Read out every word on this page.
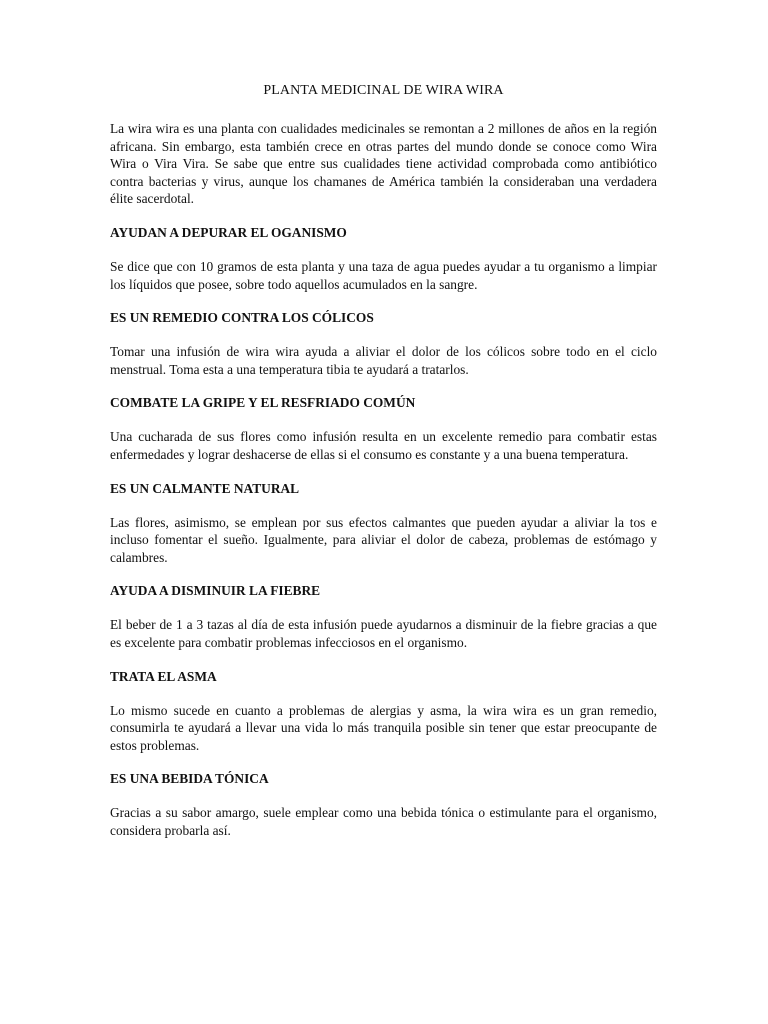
PLANTA MEDICINAL DE WIRA WIRA

La wira wira es una planta con cualidades medicinales se remontan a 2 millones de años en la región africana. Sin embargo, esta también crece en otras partes del mundo donde se conoce como Wira Wira o Vira Vira. Se sabe que entre sus cualidades tiene actividad comprobada como antibiótico contra bacterias y virus, aunque los chamanes de América también la consideraban una verdadera élite sacerdotal.

AYUDAN A DEPURAR EL OGANISMO

Se dice que con 10 gramos de esta planta y una taza de agua puedes ayudar a tu organismo a limpiar los líquidos que posee, sobre todo aquellos acumulados en la sangre.

ES UN REMEDIO CONTRA LOS CÓLICOS

Tomar una infusión de wira wira ayuda a aliviar el dolor de los cólicos sobre todo en el ciclo menstrual. Toma esta a una temperatura tibia te ayudará a tratarlos.

COMBATE LA GRIPE Y EL RESFRIADO COMÚN

Una cucharada de sus flores como infusión resulta en un excelente remedio para combatir estas enfermedades y lograr deshacerse de ellas si el consumo es constante y a una buena temperatura.

ES UN CALMANTE NATURAL

Las flores, asimismo, se emplean por sus efectos calmantes que pueden ayudar a aliviar la tos e incluso fomentar el sueño. Igualmente, para aliviar el dolor de cabeza, problemas de estómago y calambres.

AYUDA A DISMINUIR LA FIEBRE

El beber de 1 a 3 tazas al día de esta infusión puede ayudarnos a disminuir de la fiebre gracias a que es excelente para combatir problemas infecciosos en el organismo.

TRATA EL ASMA

Lo mismo sucede en cuanto a problemas de alergias y asma, la wira wira es un gran remedio, consumirla te ayudará a llevar una vida lo más tranquila posible sin tener que estar preocupante de estos problemas.

ES UNA BEBIDA TÓNICA

Gracias a su sabor amargo, suele emplear como una bebida tónica o estimulante para el organismo, considera probarla así.
